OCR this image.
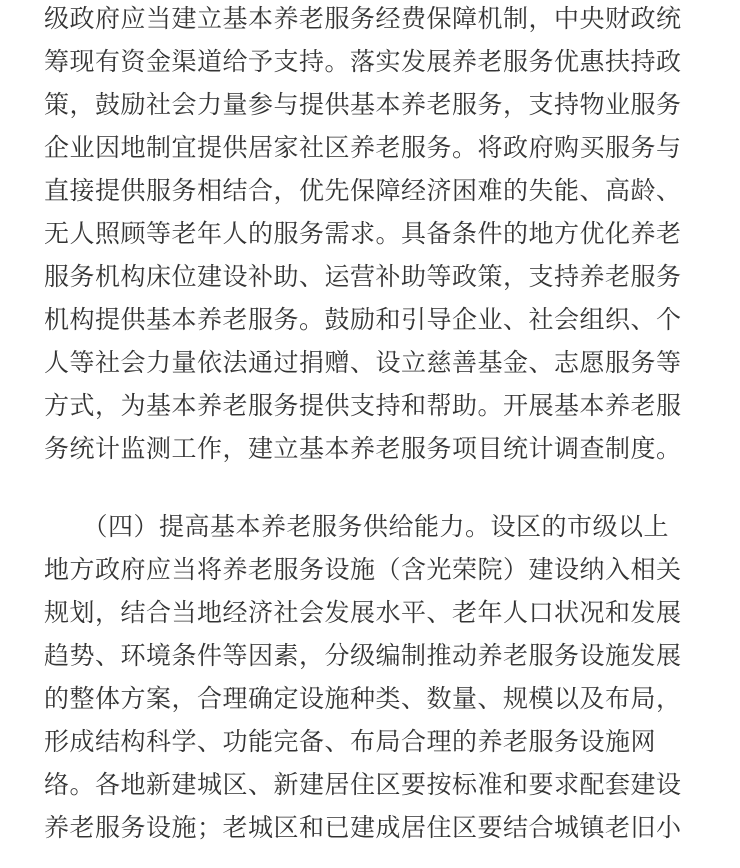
级政府应当建立基本养老服务经费保障机制，中央财政统
筹现有资金渠道给予支持。落实发展养老服务优惠扶持政
策，鼓励社会力量参与提供基本养老服务，支持物业服务
企业因地制宜提供居家社区养老服务。将政府购买服务与
直接提供服务相结合，优先保障经济困难的失能、高龄、
无人照顾等老年人的服务需求。具备条件的地方优化养老
服务机构床位建设补助、运营补助等政策，支持养老服务
机构提供基本养老服务。鼓励和引导企业、社会组织、个
人等社会力量依法通过捐赠、设立慈善基金、志愿服务等
方式，为基本养老服务提供支持和帮助。开展基本养老服
务统计监测工作，建立基本养老服务项目统计调查制度。
　　（四）提高基本养老服务供给能力。设区的市级以上
地方政府应当将养老服务设施（含光荣院）建设纳入相关
规划，结合当地经济社会发展水平、老年人口状况和发展
趋势、环境条件等因素，分级编制推动养老服务设施发展
的整体方案，合理确定设施种类、数量、规模以及布局，
形成结构科学、功能完备、布局合理的养老服务设施网
络。各地新建城区、新建居住区要按标准和要求配套建设
养老服务设施；老城区和已建成居住区要结合城镇老旧小
